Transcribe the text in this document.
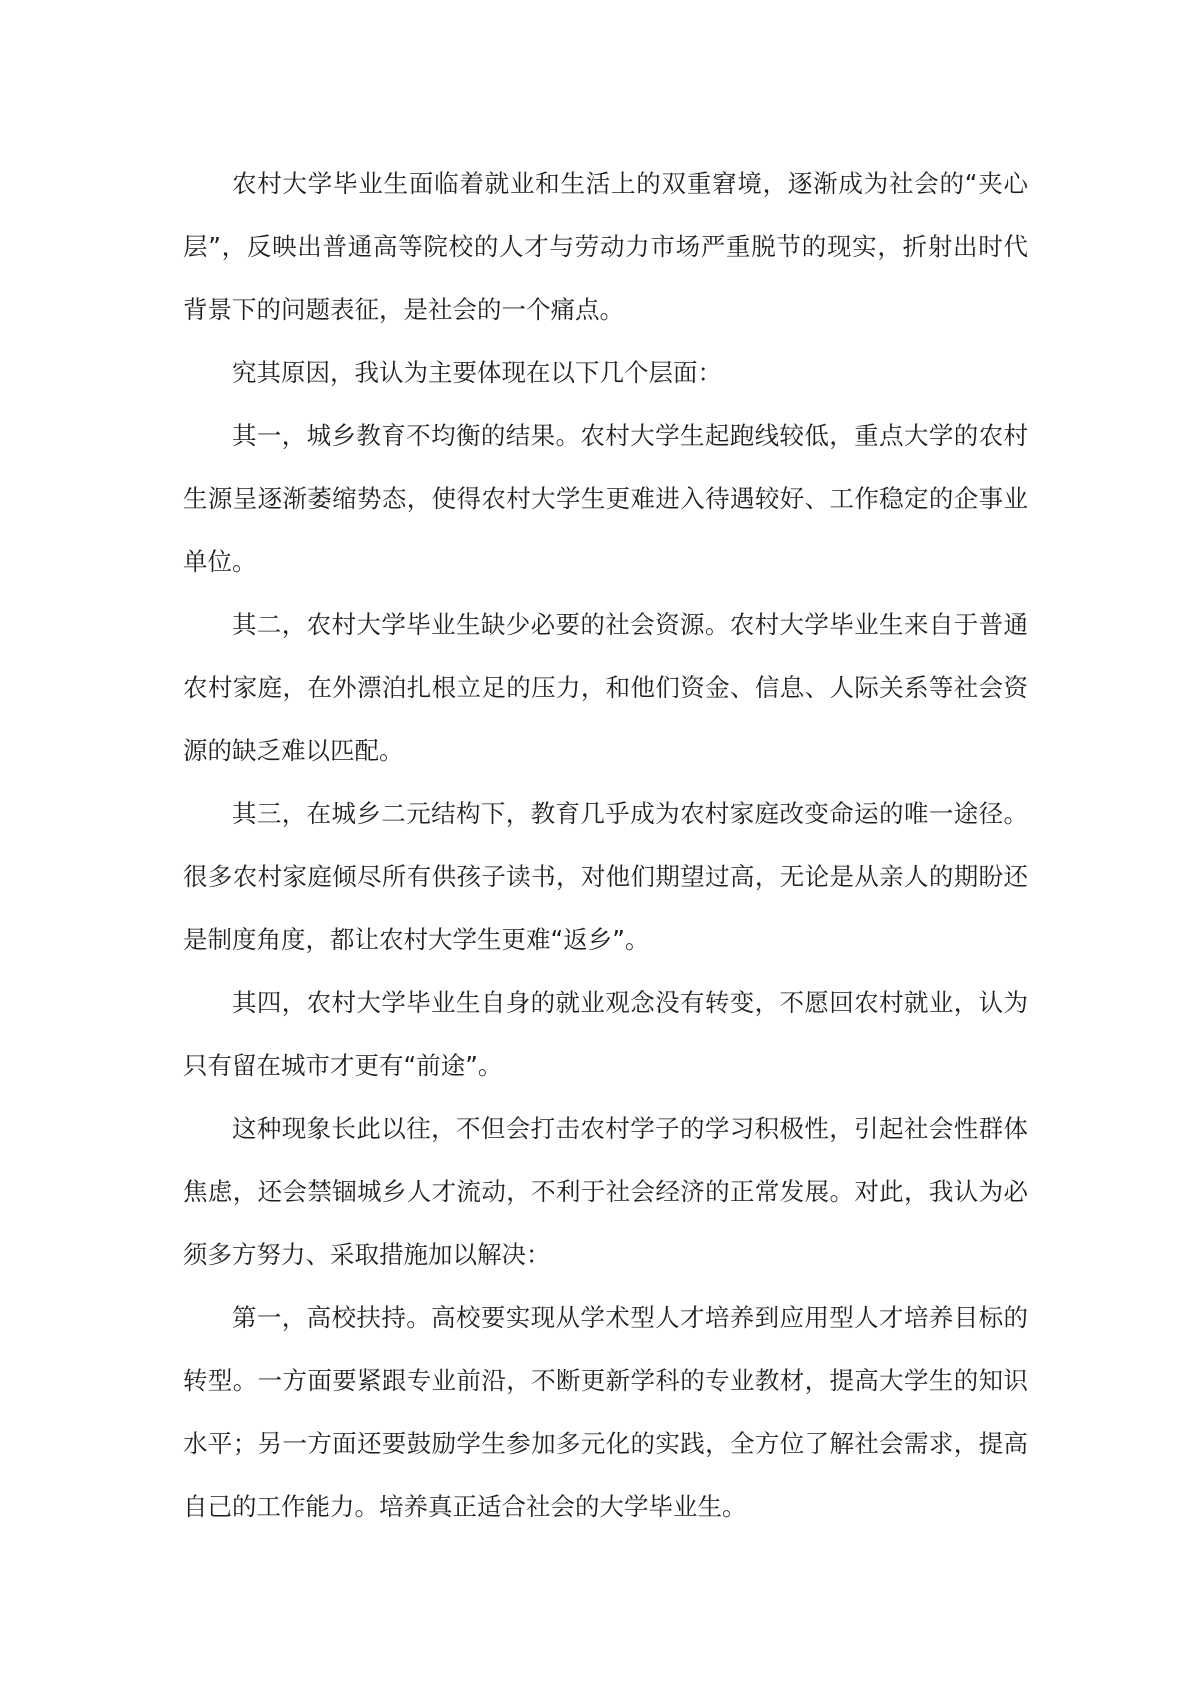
农村大学毕业生面临着就业和生活上的双重窘境，逐渐成为社会的“夹心层”，反映出普通高等院校的人才与劳动力市场严重脱节的现实，折射出时代背景下的问题表征，是社会的一个痛点。

究其原因，我认为主要体现在以下几个层面：

其一，城乡教育不均衡的结果。农村大学生起跑线较低，重点大学的农村生源呈逐渐萎缩势态，使得农村大学生更难进入待遇较好、工作稳定的企事业单位。

其二，农村大学毕业生缺少必要的社会资源。农村大学毕业生来自于普通农村家庭，在外漂泊扎根立足的压力，和他们资金、信息、人际关系等社会资源的缺乏难以匹配。

其三，在城乡二元结构下，教育几乎成为农村家庭改变命运的唯一途径。很多农村家庭倾尽所有供孩子读书，对他们期望过高，无论是从亲人的期盼还是制度角度，都让农村大学生更难“返乡”。

其四，农村大学毕业生自身的就业观念没有转变，不愿回农村就业，认为只有留在城市才更有“前途”。

这种现象长此以往，不但会打击农村学子的学习积极性，引起社会性群体焦虑，还会禁锢城乡人才流动，不利于社会经济的正常发展。对此，我认为必须多方努力、采取措施加以解决：

第一，高校扶持。高校要实现从学术型人才培养到应用型人才培养目标的转型。一方面要紧跟专业前沿，不断更新学科的专业教材，提高大学生的知识水平；另一方面还要鼓励学生参加多元化的实践，全方位了解社会需求，提高自己的工作能力。培养真正适合社会的大学毕业生。
